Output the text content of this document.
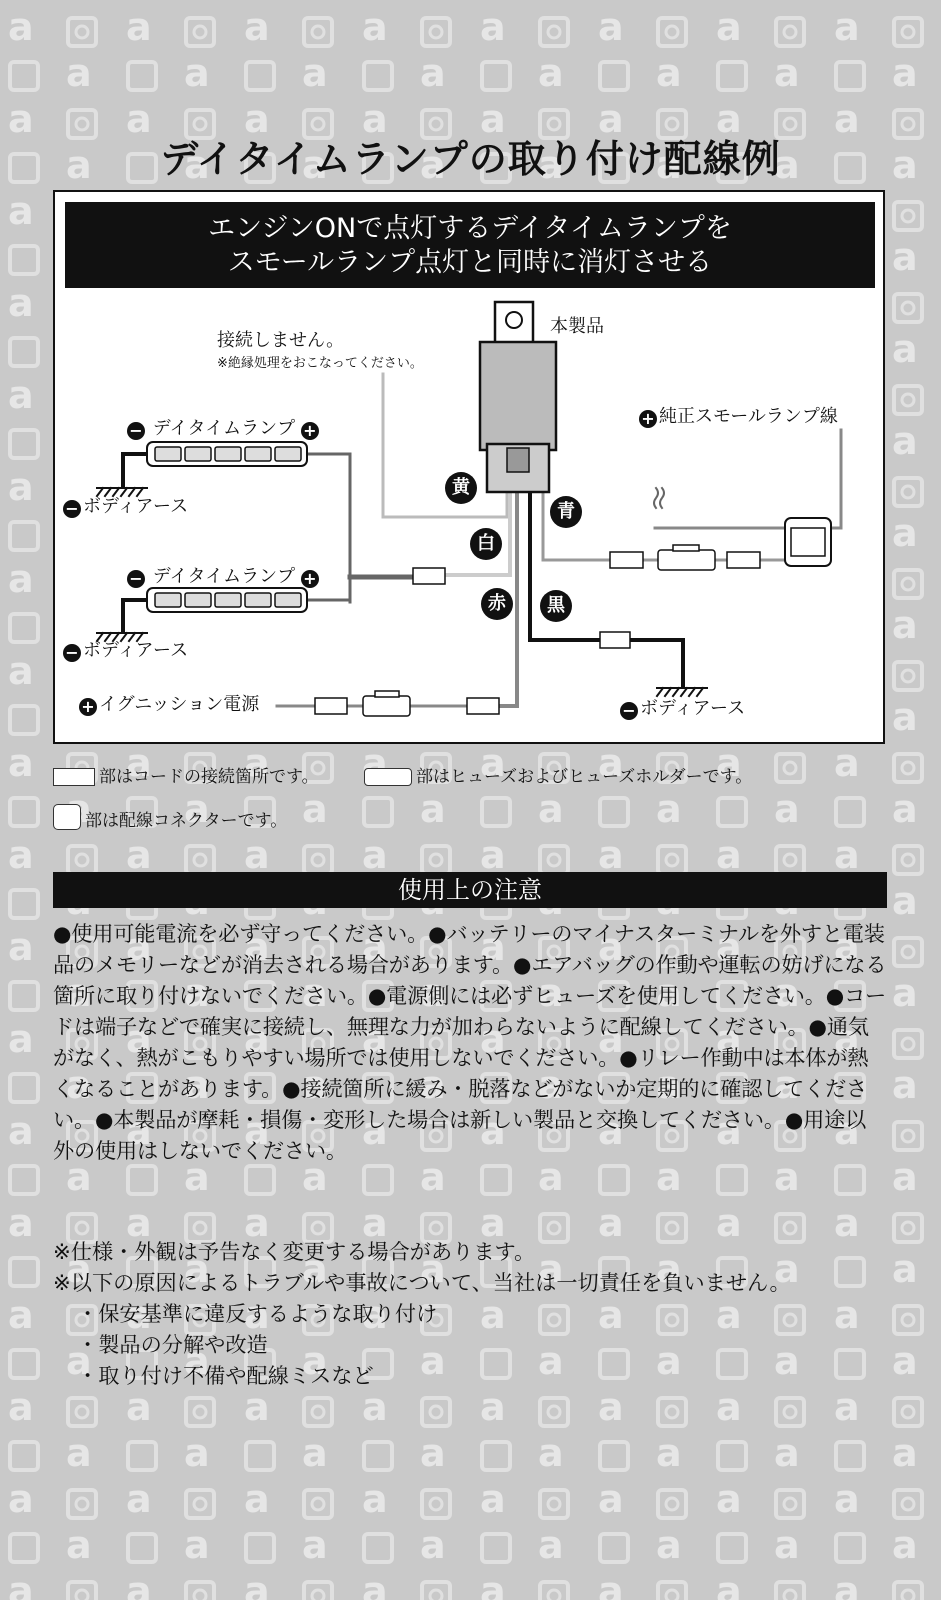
デイタイムランプの取り付け配線例
エンジンONで点灯するデイタイムランプを
スモールランプ点灯と同時に消灯させる
本製品
接続しません。
※絶縁処理をおこなってください。
− デイタイムランプ +
− ボディアース
− デイタイムランプ +
− ボディアース
+ 純正スモールランプ線
+ イグニッション電源	− ボディアース
黄
白
赤	黒
青
部はコードの接続箇所です。	部はヒューズおよびヒューズホルダーです。
部は配線コネクターです。
使用上の注意
●使用可能電流を必ず守ってください。●バッテリーのマイナスターミナルを外すと電装品のメモリーなどが消去される場合があります。●エアバッグの作動や運転の妨げになる箇所に取り付けないでください。●電源側には必ずヒューズを使用してください。●コードは端子などで確実に接続し、無理な力が加わらないように配線してください。●通気がなく、熱がこもりやすい場所では使用しないでください。●リレー作動中は本体が熱くなることがあります。●接続箇所に緩み・脱落などがないか定期的に確認してください。●本製品が摩耗・損傷・変形した場合は新しい製品と交換してください。●用途以外の使用はしないでください。
※仕様・外観は予告なく変更する場合があります。
※以下の原因によるトラブルや事故について、当社は一切責任を負いません。
・保安基準に違反するような取り付け
・製品の分解や改造
・取り付け不備や配線ミスなど
